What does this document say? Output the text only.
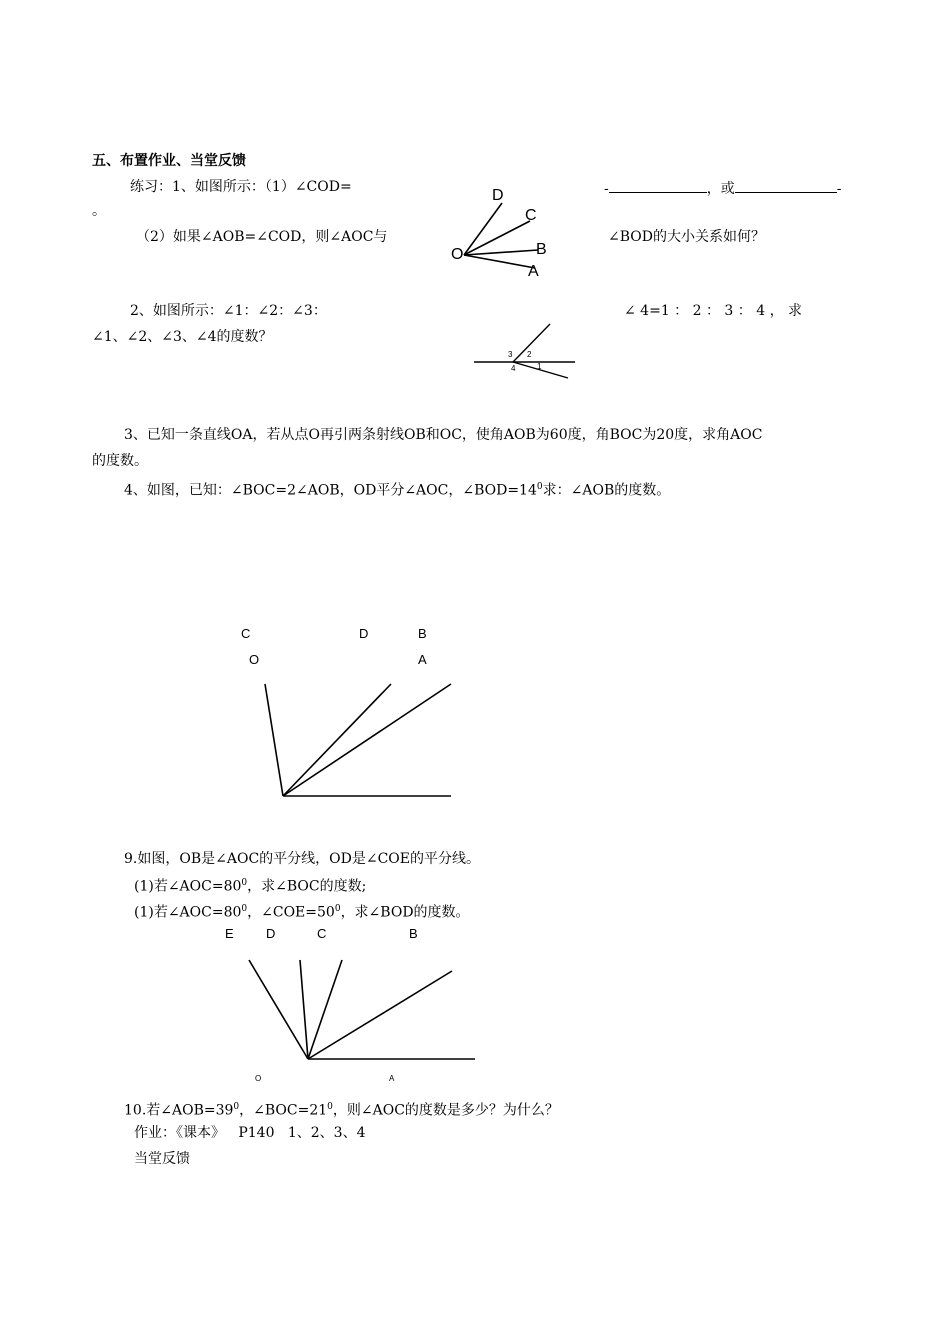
五、布置作业、当堂反馈
练习：1、如图所示：（1）∠COD=	-	，或	-
。
（2）如果∠AOB=∠COD，则∠AOC与	∠BOD的大小关系如何？
D
C
B
A
O
2、如图所示：∠1：∠2：∠3：	∠ 4=1 ： 2 ： 3 ： 4 ， 求
∠1、∠2、∠3、∠4的度数？
3 2
4	1
3、已知一条直线OA，若从点O再引两条射线OB和OC，使角AOB为60度，角BOC为20度，求角AOC
的度数。
4、如图，已知：∠BOC=2∠AOB，OD平分∠AOC，$\angle BOD=14^0$求：∠AOB的度数。
C	D	B
O	A
9.如图，OB是∠AOC的平分线，OD是∠COE的平分线。
(1)若$\angle AOC=80^0$，求∠BOC的度数;
(1)若$\angle AOC=80^0$，$\angle COE=50^0$，求∠BOD的度数。
E D	C	B
O	A
10.若$\angle AOB=39^0$，$\angle BOC=21^0$，则∠AOC的度数是多少？为什么？
作业：《课本》   P140   1、2、3、4
当堂反馈
